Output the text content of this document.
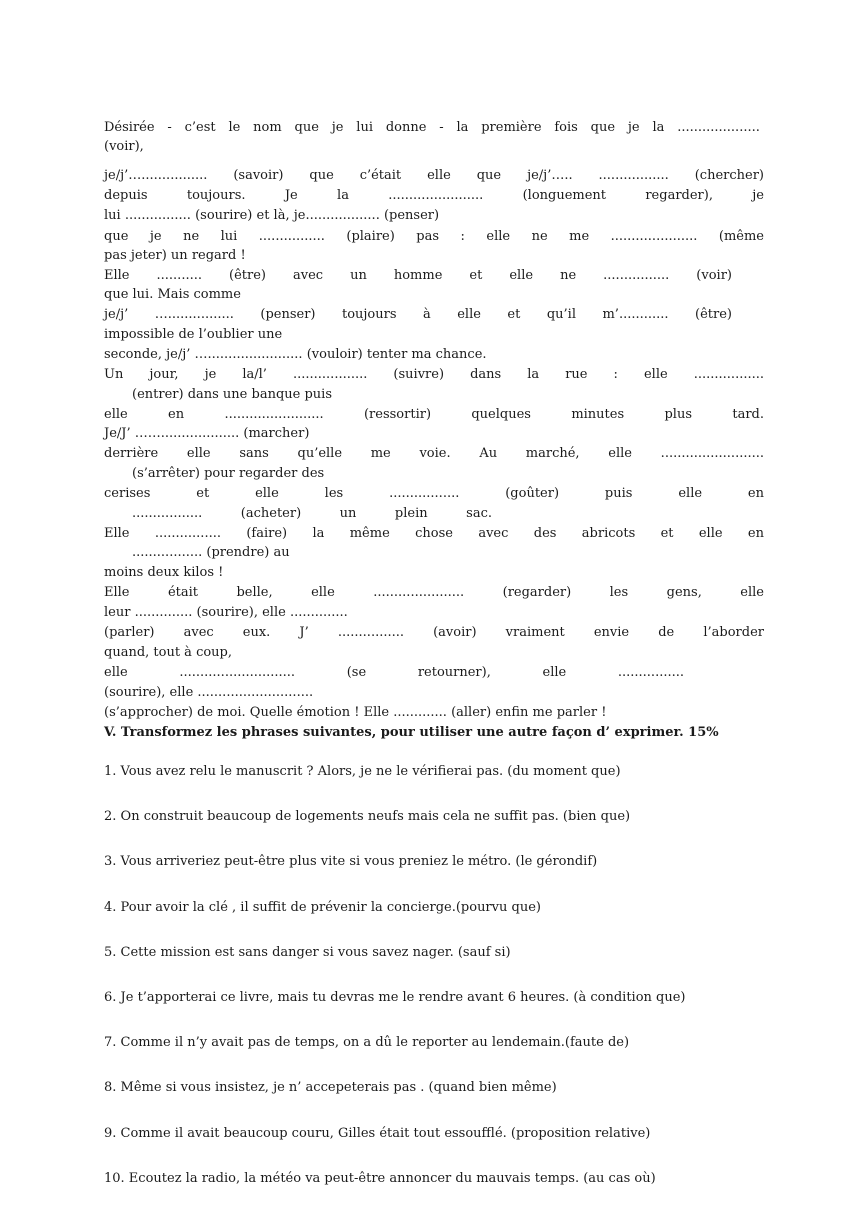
Désirée - c’est le nom que je lui donne - la première fois que je la ....................
(voir),
je/j’…................ (savoir) que c’était elle que je/j’….. ................. (chercher)
depuis toujours. Je la ....................... (longuement regarder), je
lui ................ (sourire) et là, je.................. (penser)
que je ne lui ................ (plaire) pas : elle ne me ..................... (même
pas jeter) un regard !
Elle ........... (être) avec un homme et elle ne ................ (voir)
que lui. Mais comme
je/j’ …................ (penser) toujours à elle et qu’il m’............ (être)
impossible de l’oublier une
seconde, je/j’ …....................... (vouloir) tenter ma chance.
Un jour, je la/l’ .................. (suivre) dans la rue : elle .................
(entrer) dans une banque puis
elle en ........................ (ressortir) quelques minutes plus tard.
Je/J’ ……................... (marcher)
derrière elle sans qu’elle me voie. Au marché, elle .........................
(s’arrêter) pour regarder des
cerises et elle les ................. (goûter) puis elle en
................. (acheter) un plein sac.
Elle ................ (faire) la même chose avec des abricots et elle en
................. (prendre) au
moins deux kilos !
Elle était belle, elle ...................... (regarder) les gens, elle
leur .............. (sourire), elle ..............
(parler) avec eux. J’ ................ (avoir) vraiment envie de l’aborder
quand, tout à coup,
elle ............................ (se retourner), elle ................
(sourire), elle ............................
(s’approcher) de moi. Quelle émotion ! Elle ............. (aller) enfin me parler !
V. Transformez les phrases suivantes, pour utiliser une autre façon d’ exprimer. 15%
1. Vous avez relu le manuscrit ? Alors, je ne le vérifierai pas. (du moment que)
2. On construit beaucoup de logements neufs mais cela ne suffit pas. (bien que)
3. Vous arriveriez peut-être plus vite si vous preniez le métro. (le gérondif)
4. Pour avoir la clé , il suffit de prévenir la concierge.(pourvu que)
5. Cette mission est sans danger si vous savez nager. (sauf si)
6. Je t’apporterai ce livre, mais tu devras me le rendre avant 6 heures. (à condition que)
7. Comme il n’y avait pas de temps, on a dû le reporter au lendemain.(faute de)
8. Même si vous insistez, je n’ accepeterais pas . (quand bien même)
9. Comme il avait beaucoup couru, Gilles était tout essoufflé. (proposition relative)
10. Ecoutez la radio, la météo va peut-être annoncer du mauvais temps. (au cas où)
